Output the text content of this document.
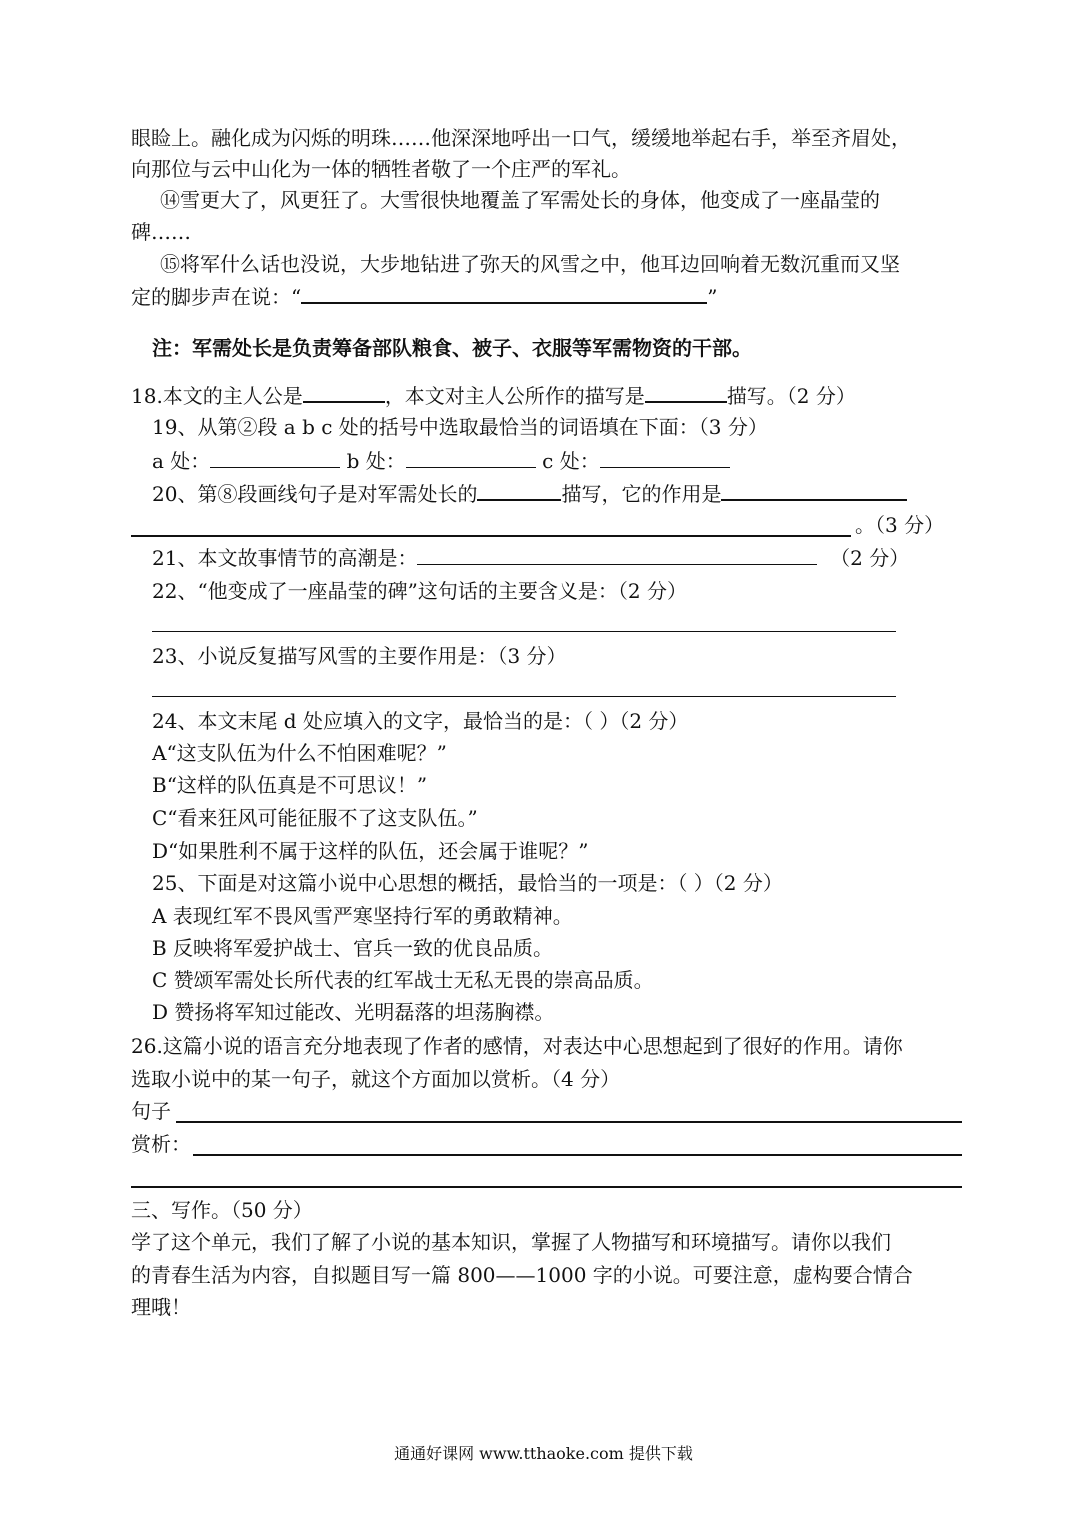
眼睑上。融化成为闪烁的明珠……他深深地呼出一口气，缓缓地举起右手，举至齐眉处，
向那位与云中山化为一体的牺牲者敬了一个庄严的军礼。
⑭雪更大了，风更狂了。大雪很快地覆盖了军需处长的身体，他变成了一座晶莹的
碑……
⑮将军什么话也没说，大步地钻进了弥天的风雪之中，他耳边回响着无数沉重而又坚
定的脚步声在说：“	”
注：军需处长是负责筹备部队粮食、被子、衣服等军需物资的干部。
18.本文的主人公是	，本文对主人公所作的描写是	描写。（2 分）
19、从第②段 a b c 处的括号中选取最恰当的词语填在下面：（3 分）
a 处：	b 处：	c 处：
20、第⑧段画线句子是对军需处长的	描写，它的作用是
。（3 分）
21、本文故事情节的高潮是：	（2 分）
22、“他变成了一座晶莹的碑”这句话的主要含义是：（2 分）
23、小说反复描写风雪的主要作用是：（3 分）
24、本文末尾 d 处应填入的文字，最恰当的是：（ ）（2 分）
A“这支队伍为什么不怕困难呢？”
B“这样的队伍真是不可思议！”
C“看来狂风可能征服不了这支队伍。”
D“如果胜利不属于这样的队伍，还会属于谁呢？”
25、下面是对这篇小说中心思想的概括，最恰当的一项是：（ ）（2 分）
A 表现红军不畏风雪严寒坚持行军的勇敢精神。
B 反映将军爱护战士、官兵一致的优良品质。
C 赞颂军需处长所代表的红军战士无私无畏的崇高品质。
D 赞扬将军知过能改、光明磊落的坦荡胸襟。
26.这篇小说的语言充分地表现了作者的感情，对表达中心思想起到了很好的作用。请你
选取小说中的某一句子，就这个方面加以赏析。（4 分）
句子
赏析：
三、写作。（50 分）
学了这个单元，我们了解了小说的基本知识，掌握了人物描写和环境描写。请你以我们
的青春生活为内容，自拟题目写一篇 800——1000 字的小说。可要注意，虚构要合情合
理哦！
通通好课网 www.tthaoke.com 提供下载
